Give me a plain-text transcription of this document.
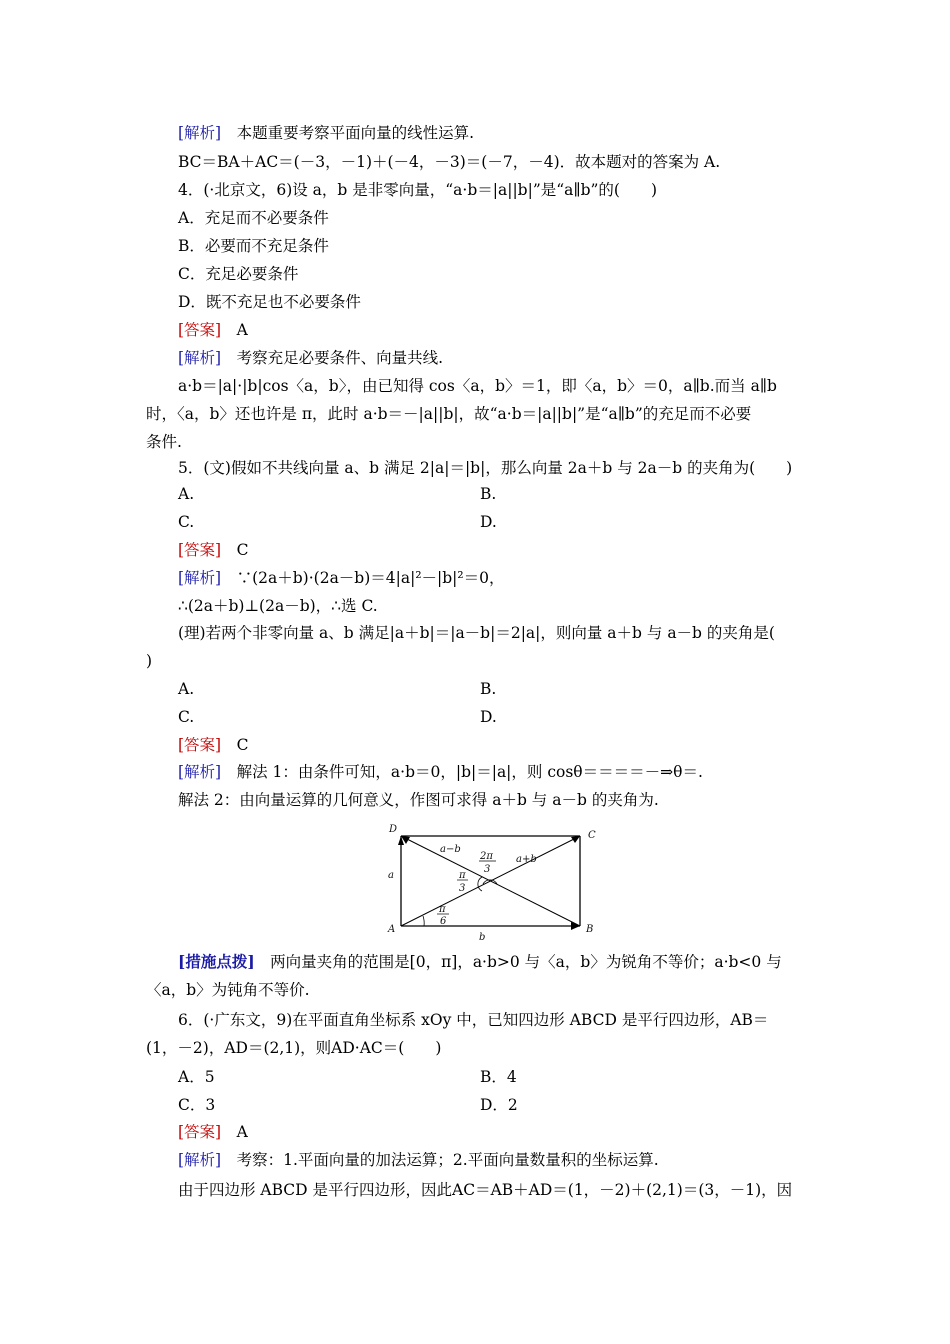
[解析]　本题重要考察平面向量的线性运算.
BC＝BA＋AC＝(－3，－1)＋(－4，－3)＝(－7，－4)．故本题对的答案为 A.
4．(·北京文，6)设 a，b 是非零向量，“a·b＝|a||b|”是“a∥b”的(　　)
A．充足而不必要条件
B．必要而不充足条件
C．充足必要条件
D．既不充足也不必要条件
[答案]　A
[解析]　考察充足必要条件、向量共线.
a·b＝|a|·|b|cos〈a，b〉，由已知得 cos〈a，b〉＝1，即〈a，b〉＝0，a∥b.而当 a∥b
时，〈a，b〉还也许是 π，此时 a·b＝－|a||b|，故“a·b＝|a||b|”是“a∥b”的充足而不必要
条件.
5．(文)假如不共线向量 a、b 满足 2|a|＝|b|，那么向量 2a＋b 与 2a－b 的夹角为(　　)
A.	B.
C.	D.
[答案]　C
[解析]　∵(2a＋b)·(2a－b)＝4|a|²－|b|²＝0，
∴(2a＋b)⊥(2a－b)，∴选 C.
(理)若两个非零向量 a、b 满足|a＋b|＝|a－b|＝2|a|，则向量 a＋b 与 a－b 的夹角是(
)
A.	B.
C.	D.
[答案]　C
[解析]　解法 1：由条件可知，a·b＝0，|b|＝|a|，则 cosθ＝＝＝＝－⇒θ＝.
解法 2：由向量运算的几何意义，作图可求得 a＋b 与 a－b 的夹角为.
D
C
A	B
a
b
a−b
a+b
2π
3
π
3
π
6
[措施点拨]　两向量夹角的范围是[0，π]，a·b>0 与〈a，b〉为锐角不等价；a·b<0 与
〈a，b〉为钝角不等价.
6．(·广东文，9)在平面直角坐标系 xOy 中，已知四边形 ABCD 是平行四边形，AB＝
(1，－2)，AD＝(2,1)，则AD·AC＝(　　)
A．5	B．4
C．3	D．2
[答案]　A
[解析]　考察：1.平面向量的加法运算；2.平面向量数量积的坐标运算.
由于四边形 ABCD 是平行四边形，因此AC＝AB＋AD＝(1，－2)＋(2,1)＝(3，－1)，因
